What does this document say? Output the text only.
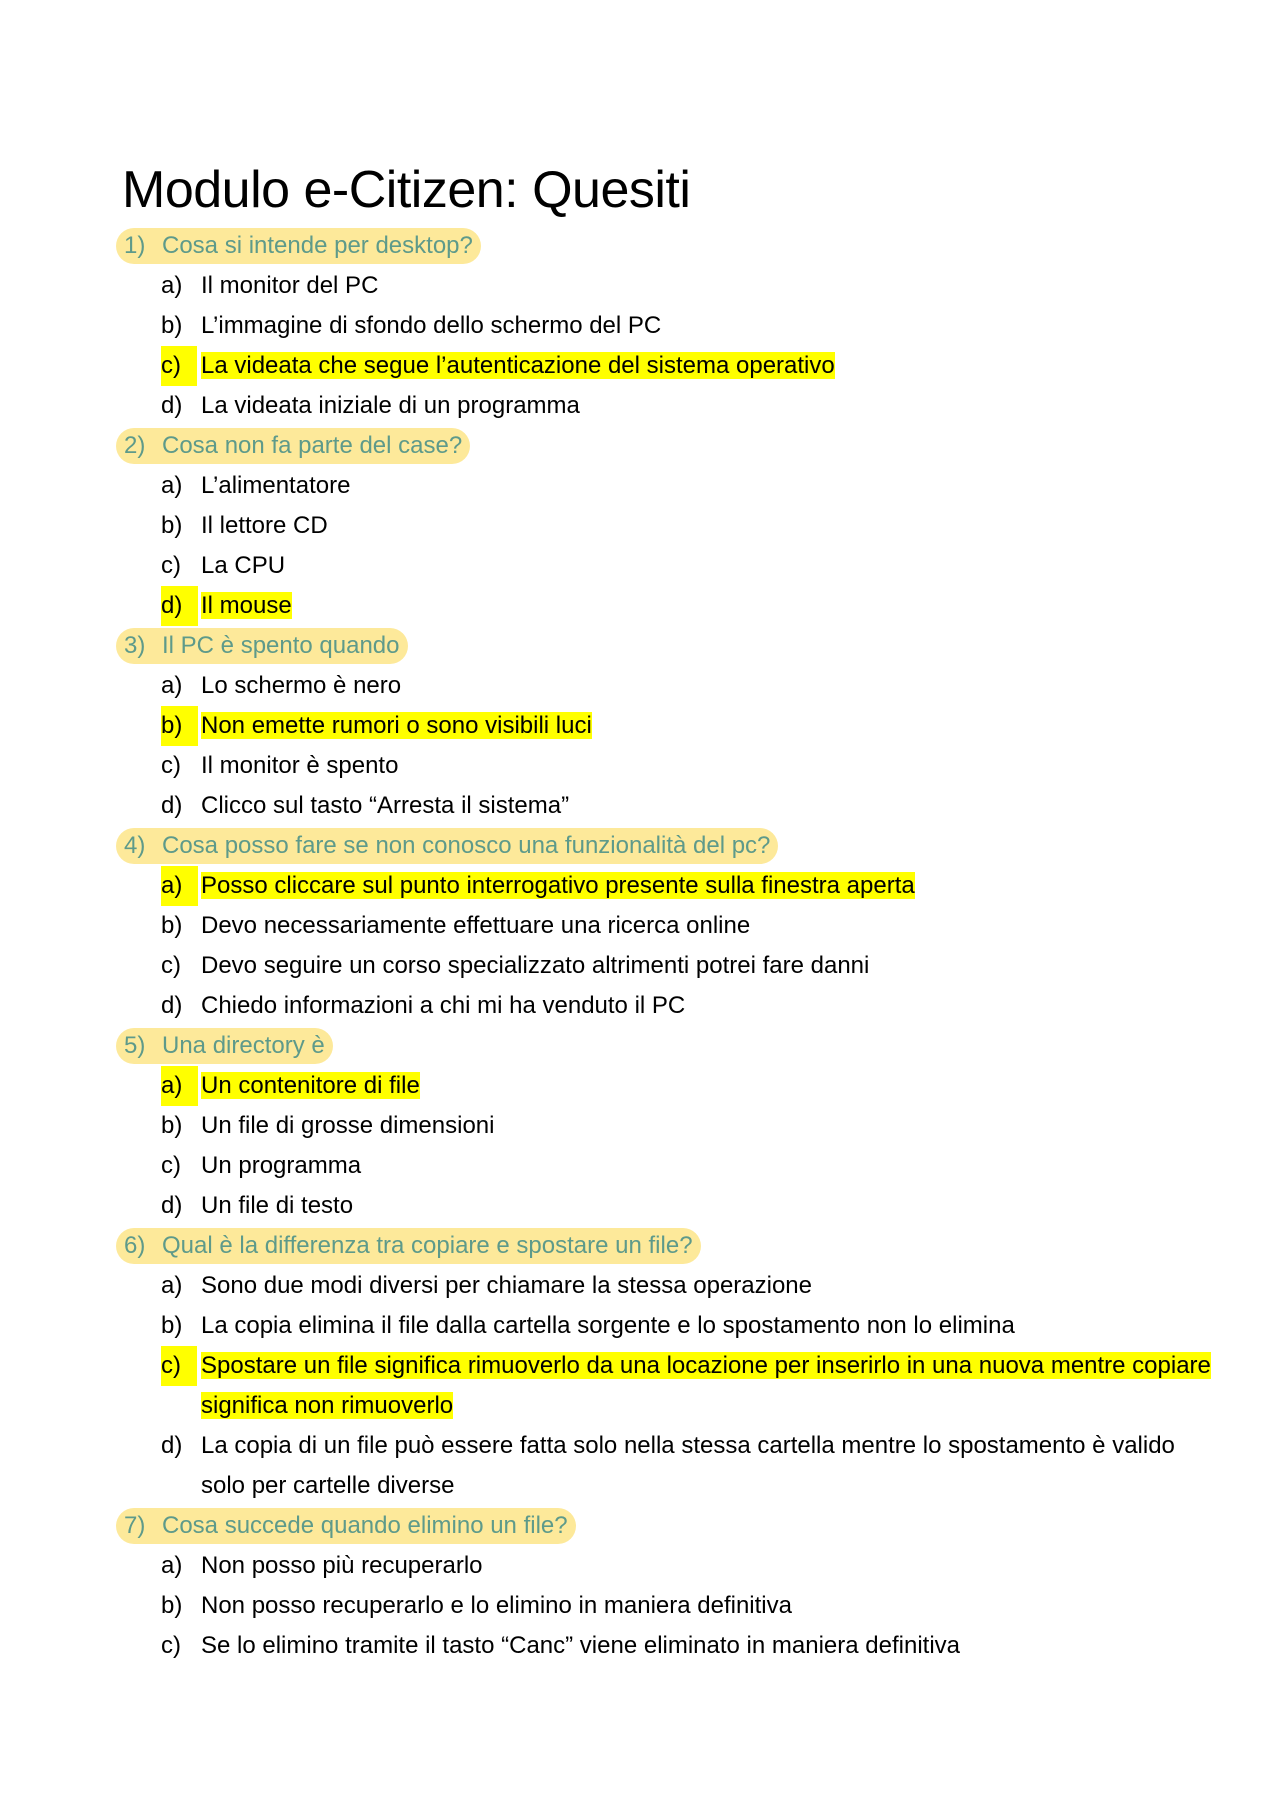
Modulo e-Citizen: Quesiti
1) Cosa si intende per desktop?
a) Il monitor del PC
b) L’immagine di sfondo dello schermo del PC
c) La videata che segue l’autenticazione del sistema operativo
d) La videata iniziale di un programma
2) Cosa non fa parte del case?
a) L’alimentatore
b) Il lettore CD
c) La CPU
d) Il mouse
3) Il PC è spento quando
a) Lo schermo è nero
b) Non emette rumori o sono visibili luci
c) Il monitor è spento
d) Clicco sul tasto “Arresta il sistema”
4) Cosa posso fare se non conosco una funzionalità del pc?
a) Posso cliccare sul punto interrogativo presente sulla finestra aperta
b) Devo necessariamente effettuare una ricerca online
c) Devo seguire un corso specializzato altrimenti potrei fare danni
d) Chiedo informazioni a chi mi ha venduto il PC
5) Una directory è
a) Un contenitore di file
b) Un file di grosse dimensioni
c) Un programma
d) Un file di testo
6) Qual è la differenza tra copiare e spostare un file?
a) Sono due modi diversi per chiamare la stessa operazione
b) La copia elimina il file dalla cartella sorgente e lo spostamento non lo elimina
c) Spostare un file significa rimuoverlo da una locazione per inserirlo in una nuova mentre copiare significa non rimuoverlo
d) La copia di un file può essere fatta solo nella stessa cartella mentre lo spostamento è valido solo per cartelle diverse
7) Cosa succede quando elimino un file?
a) Non posso più recuperarlo
b) Non posso recuperarlo e lo elimino in maniera definitiva
c) Se lo elimino tramite il tasto “Canc” viene eliminato in maniera definitiva
